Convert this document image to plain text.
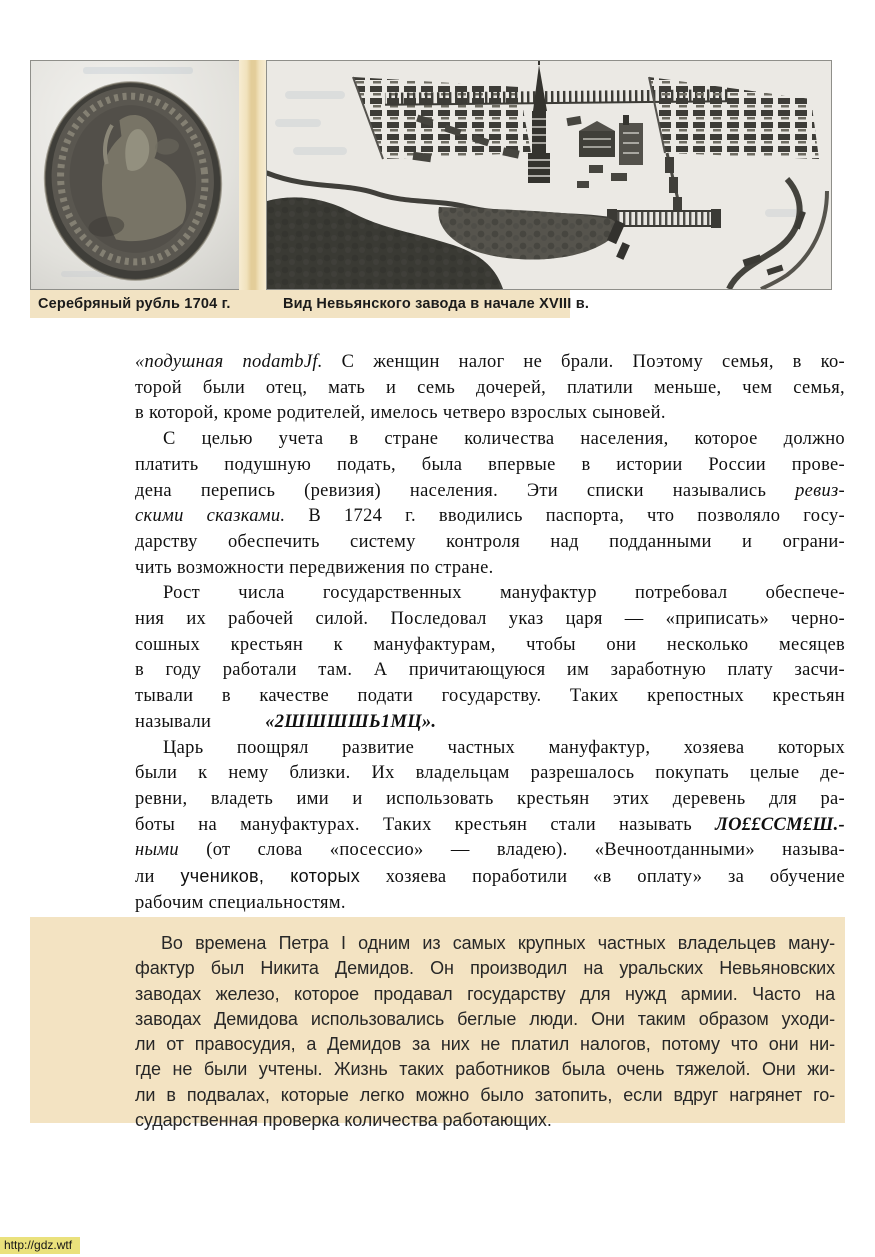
Серебряный рубль 1704 г.	Вид Невьянского завода в начале XVIII в.
«подушная nodambJf. С женщин налог не брали. Поэтому семья, в ко-
торой были отец, мать и семь дочерей, платили меньше, чем семья,
в которой, кроме родителей, имелось четверо взрослых сыновей.
С целью учета в стране количества населения, которое должно
платить подушную подать, была впервые в истории России прове-
дена перепись (ревизия) населения. Эти списки назывались ревиз-
скими сказками. В 1724 г. вводились паспорта, что позволяло госу-
дарству обеспечить систему контроля над подданными и ограни-
чить возможности передвижения по стране.
Рост числа государственных мануфактур потребовал обеспече-
ния их рабочей силой. Последовал указ царя — «приписать» черно-
сошных крестьян к мануфактурам, чтобы они несколько месяцев
в году работали там. А причитающуюся им заработную плату засчи-
тывали в качестве подати государству. Таких крепостных крестьян
называли	«2ШШШШЬ1МЦ».
Царь поощрял развитие частных мануфактур, хозяева которых
были к нему близки. Их владельцам разрешалось покупать целые де-
ревни, владеть ими и использовать крестьян этих деревень для ра-
боты на мануфактурах. Таких крестьян стали называть ЛО££ССМ£Ш.-
ными (от слова «посессио» — владею). «Вечноотданными» называ-
ли учеников, которых хозяева поработили «в оплату» за обучение
рабочим специальностям.
Во времена Петра I одним из самых крупных частных владельцев ману-
фактур был Никита Демидов. Он производил на уральских Невьяновских
заводах железо, которое продавал государству для нужд армии. Часто на
заводах Демидова использовались беглые люди. Они таким образом уходи-
ли от правосудия, а Демидов за них не платил налогов, потому что они ни-
где не были учтены. Жизнь таких работников была очень тяжелой. Они жи-
ли в подвалах, которые легко можно было затопить, если вдруг нагрянет го-
сударственная проверка количества работающих.
http://gdz.wtf
